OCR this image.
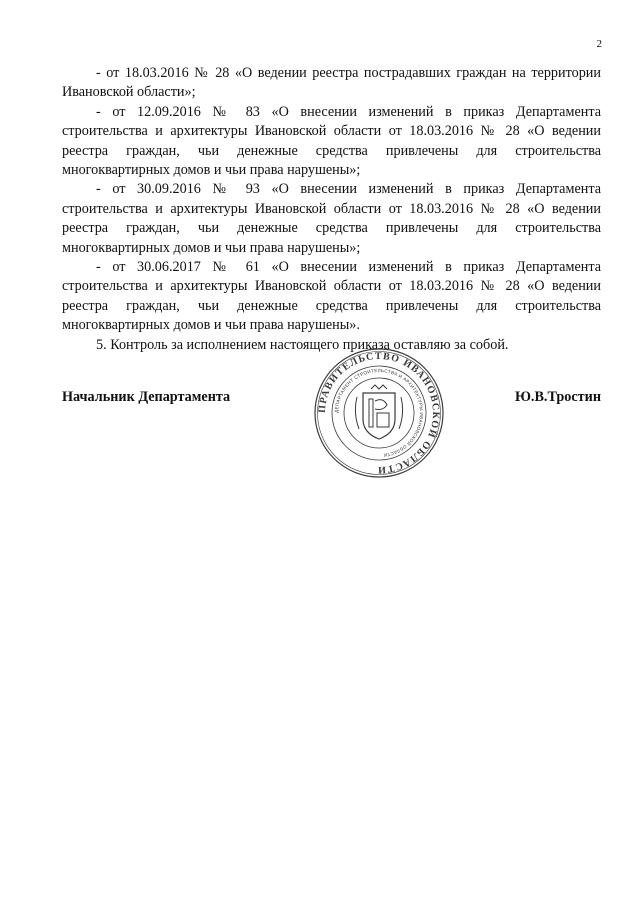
2

- от 18.03.2016 № 28 «О ведении реестра пострадавших граждан на территории Ивановской области»;

- от 12.09.2016 № 83 «О внесении изменений в приказ Департамента строительства и архитектуры Ивановской области от 18.03.2016 № 28 «О ведении реестра граждан, чьи денежные средства привлечены для строительства многоквартирных домов и чьи права нарушены»;

- от 30.09.2016 № 93 «О внесении изменений в приказ Департамента строительства и архитектуры Ивановской области от 18.03.2016 № 28 «О ведении реестра граждан, чьи денежные средства привлечены для строительства многоквартирных домов и чьи права нарушены»;

- от 30.06.2017 № 61 «О внесении изменений в приказ Департамента строительства и архитектуры Ивановской области от 18.03.2016 № 28 «О ведении реестра граждан, чьи денежные средства привлечены для строительства многоквартирных домов и чьи права нарушены».

5. Контроль за исполнением настоящего приказа оставляю за собой.

Начальник Департамента	Ю.В.Тростин
ПРАВИТЕЛЬСТВО ИВАНОВСКОЙ ОБЛАСТИ
ДЕПАРТАМЕНТ СТРОИТЕЛЬСТВА И АРХИТЕКТУРЫ ИВАНОВСКОЙ ОБЛАСТИ
